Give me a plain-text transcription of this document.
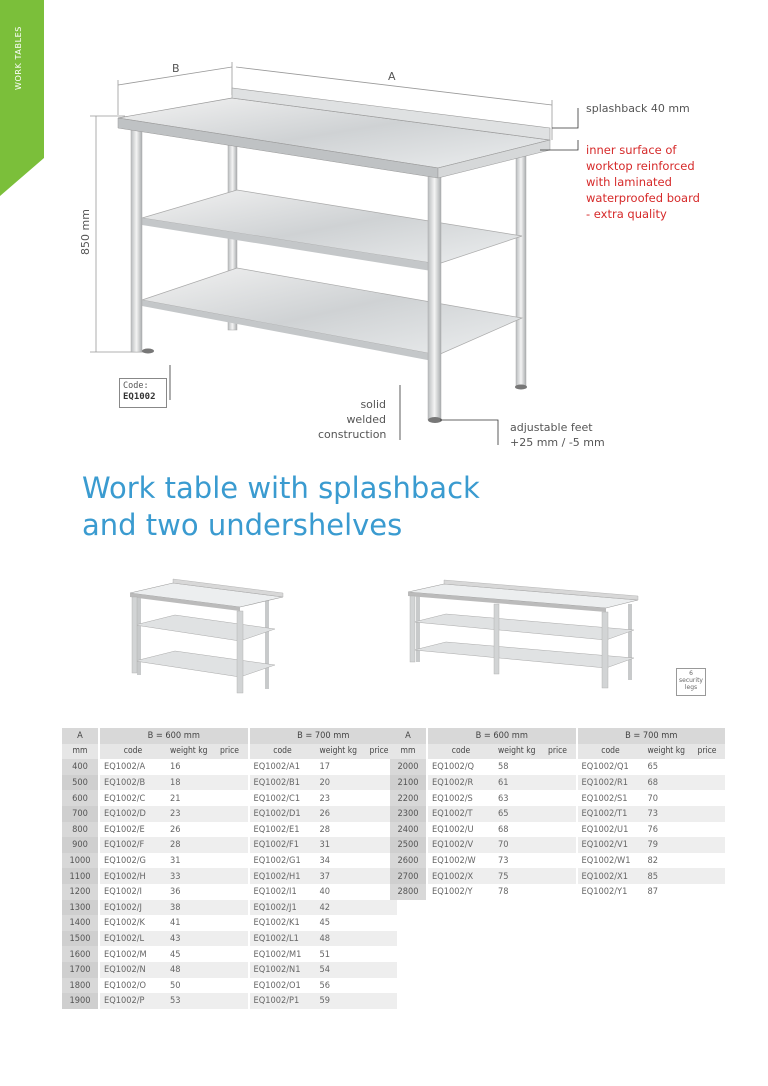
WORK TABLES	B
A
850 mm
splashback 40 mm
inner surface of
worktop reinforced
with laminated
waterproofed board
- extra quality
solid
welded
construction
adjustable feet
+25 mm / -5 mm
Code:
EQ1002
Work table with splashback
and two undershelves
6
security
legs
A		B = 600 mm				B = 700 mm		
mm		code	weight kg	price		code	weight kg	price
400		EQ1002/A	16			EQ1002/A1	17	
500		EQ1002/B	18			EQ1002/B1	20	
600		EQ1002/C	21			EQ1002/C1	23	
700		EQ1002/D	23			EQ1002/D1	26	
800		EQ1002/E	26			EQ1002/E1	28	
900		EQ1002/F	28			EQ1002/F1	31	
1000		EQ1002/G	31			EQ1002/G1	34	
1100		EQ1002/H	33			EQ1002/H1	37	
1200		EQ1002/I	36			EQ1002/I1	40	
1300		EQ1002/J	38			EQ1002/J1	42	
1400		EQ1002/K	41			EQ1002/K1	45	
1500		EQ1002/L	43			EQ1002/L1	48	
1600		EQ1002/M	45			EQ1002/M1	51	
1700		EQ1002/N	48			EQ1002/N1	54	
1800		EQ1002/O	50			EQ1002/O1	56	
1900		EQ1002/P	53			EQ1002/P1	59	
A		B = 600 mm				B = 700 mm		
mm		code	weight kg	price		code	weight kg	price
2000		EQ1002/Q	58			EQ1002/Q1	65	
2100		EQ1002/R	61			EQ1002/R1	68	
2200		EQ1002/S	63			EQ1002/S1	70	
2300		EQ1002/T	65			EQ1002/T1	73	
2400		EQ1002/U	68			EQ1002/U1	76	
2500		EQ1002/V	70			EQ1002/V1	79	
2600		EQ1002/W	73			EQ1002/W1	82	
2700		EQ1002/X	75			EQ1002/X1	85	
2800		EQ1002/Y	78			EQ1002/Y1	87	
